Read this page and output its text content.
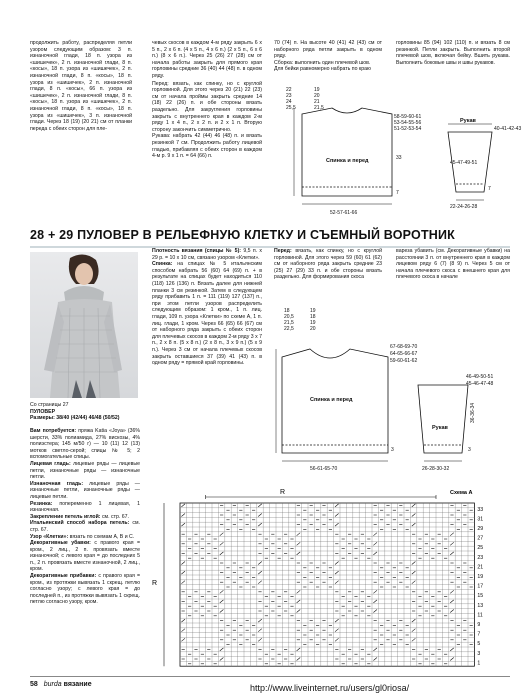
продолжить работу, распределяя петли узором следующим образом: 3 п. изнаночной глади, 18 п. узора из «шишечек», 2 п. изнаночной глади, 8 п. «косы», 18 п. узора из «шишечек», 2 п. изнаночной глади, 8 п. «косы», 18 п. узора из «шишечек», 2 п. изнаночной глади, 8 п. «косы», 66 п. узора из «шишечек», 2 п. изнаночной глади, 8 п. «косы», 18 п. узора из «шишечек», 2 п. изнаночной глади, 8 п. «косы», 18 п. узора из «шишечек», 3 п. изнаночной глади. Через 18 (19) (20 21) см от планки переда с обеих сторон для пле-

чевых скосов в каждом 4-м ряду закрыть 6 х 5 п., 2 х 6 п. (4 х 5 п., 4 х 6 п.) (2 х 5 п., 6 х 6 п.) (8 х 6 п.). Через 25 (26) 27 (28) см от начала работы закрыть для прямого края горловины средние 36 (40) 44 (48) п. в одном ряду.

Перед: вязать, как спинку, но с круглой горловиной. Для этого через 20 (21) 22 (23) см от начала проймы закрыть средние 14 (18) 22 (26) п. и обе стороны вязать раздельно. Для закругления горловины закрыть с внутреннего края в каждом 2-м ряду 1 х 4 п., 2 х 2 п. и 2 х 1 п. Вторую сторону закончить симметрично.

Рукава: набрать 42 (44) 46 (48) п. и вязать резинкой 7 см. Продолжить работу лицевой гладью, прибавляя с обеих сторон в каждом 4-м р. 9 х 1 п. = 64 (66) п.

70 (74) п. На высоте 40 (41) 42 (43) см от наборного ряда петли закрыть в одном ряду.

Сборка: выполнить один плечевой шов.

Для бейки равномерно набрать по краю

горловины 85 (94) 102 (110) п. и вязать 8 см резинкой. Петли закрыть. Выполнить второй плечевой шов, включая бейку. Вшить рукава. Выполнить боковые швы и швы рукавов.

22
23
24
25,5
19
20
21
21,5
58-59-60-61
53-54-55-56
51-52-53-54
33
7
52-57-61-66
40-41-42-43
45-47-49-51
22-24-26-28
7
Спинка и перед
Рукав
28 + 29 ПУЛОВЕР В РЕЛЬЕФНУЮ КЛЕТКУ И СЪЕМНЫЙ ВОРОТНИК
Со страницы 27
ПУЛОВЕР
Размеры: 38/40 (42/44) 46/48 (50/52)

Вам потребуется: пряжа Katia «Joya» (36% шерсти, 33% полиамида, 27% вискозы, 4% полиэстера; 145 м/50 г) — 10 (11) 12 (13) мотков светло-серой; спицы № 5; 2 вспомогательные спицы.

Лицевая гладь: лицевые ряды — лицевые петли, изнаночные ряды — изнаночные петли.

Изнаночная гладь: лицевые ряды — изнаночные петли, изнаночные ряды — лицевые петли.

Резинка: попеременно 1 лицевая, 1 изнаночная.

Закрепление петель иглой: см. стр. 67.

Итальянский способ набора петель: см. стр. 67.

Узор «Клетки»: вязать по схемам А, В и С.

Декоративные убавки: с правого края = кром., 2 лиц., 2 п. провязать вместе изнаночной; с левого края = до последних 5 п., 2 п. провязать вместе изнаночной, 2 лиц., кром.

Декоративные прибавки: с правого края = кром., из протяжки вывязать 1 скрещ. петлю согласно узору; с левого края = до последней п., из протяжки вывязать 1 скрещ. петлю согласно узору, кром.

Плотность вязания (спицы № 5): 9,5 п. х 29 р. = 10 х 10 см, связано узором «Клетки».

Спинка: на спицах № 5 итальянским способом набрать 56 (60) 64 (69) п. + в результате на спицах будет находиться 110 (118) 126 (136) п. Вязать далее для нижней планки 3 см резинкой. Затем в следующем ряду прибавить 1 п. = 111 (119) 127 (137) п., при этом петли узоров распределить следующим образом: 1 кром., 1 п. лиц. глади, 109 п. узора «Клетки» по схеме А, 1 п. лиц. глади, 1 кром. Через 66 (65) 66 (67) см от наборного ряда закрыть с обеих сторон для плечевых скосов в каждом 2-м ряду 3 х 7 п., 2 х 8 п. (5 х 8 п.) (2 х 8 п., 3 х 9 п.) (5 х 9 п.). Через 3 см от начала плечевых скосов закрыть оставшиеся 37 (39) 41 (43) п. в одном ряду = прямой край горловины.

Перед: вязать, как спинку, но с круглой горловиной. Для этого через 59 (60) 61 (62) см от наборного ряда закрыть средние 23 (25) 27 (29) 33 п. и обе стороны вязать раздельно. Для формирования скоса

вареза убавить (см. Декоративные убавки) на расстоянии 3 п. от внутреннего края в каждом лицевом ряду 6 (7) (8 9) п. Через 5 см от начала плечевого скоса с внешнего края для плечевого скоса в начале

18
20,5
21,5
22,5
19
18
19
20
67-68-69-70
64-65-66-67
59-60-61-62
3
56-61-65-70
46-49-50-51
45-46-47-48
36-36-34
3
26-28-30-32
Спинка и перед
Рукав
Схема А
R
R
33
31
29
27
25
23
21
19
17
15
13
11
9
7
5
3
1
58 burda вязание	http://www.liveinternet.ru/users/gl0riosa/
